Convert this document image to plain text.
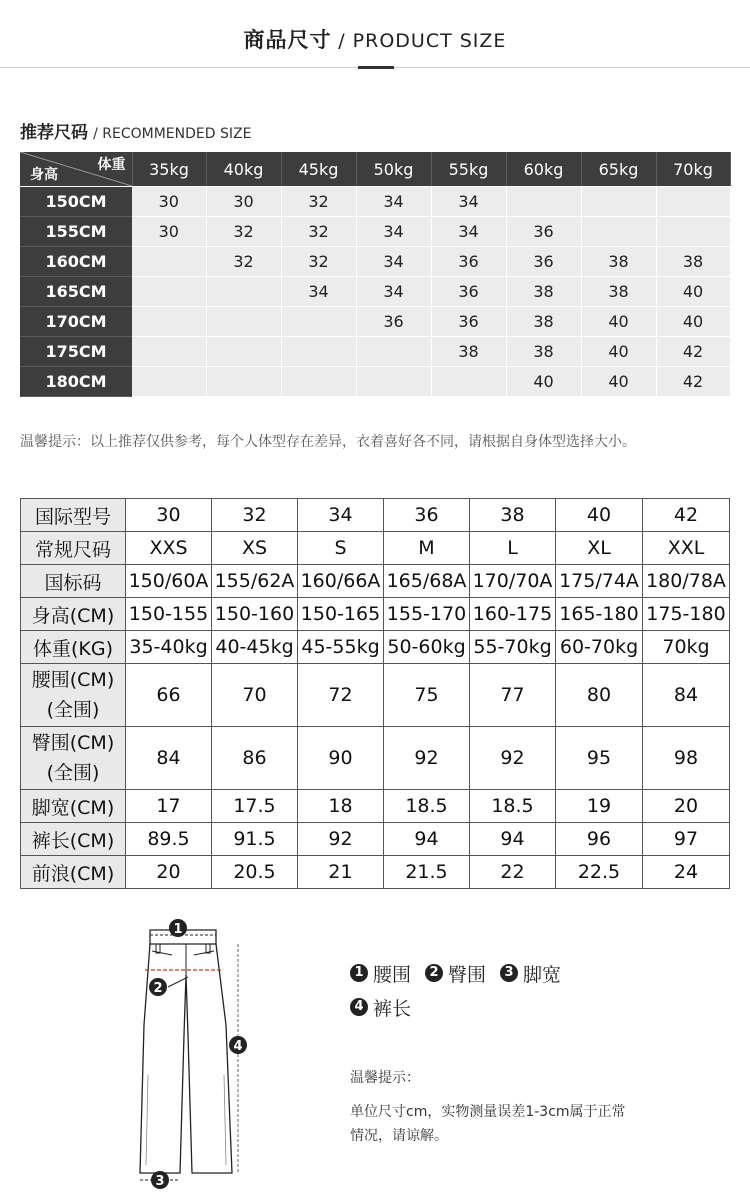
商品尺寸 / PRODUCT SIZE
推荐尺码 / RECOMMENDED SIZE
体重
身高	35kg	40kg	45kg	50kg	55kg	60kg	65kg	70kg
150CM	30	30	32	34	34			
155CM	30	32	32	34	34	36		
160CM		32	32	34	36	36	38	38
165CM			34	34	36	38	38	40
170CM				36	36	38	40	40
175CM					38	38	40	42
180CM						40	40	42
温馨提示：以上推荐仅供参考，每个人体型存在差异，衣着喜好各不同，请根据自身体型选择大小。
国际型号	30	32	34	36	38	40	42

常规尺码	XXS	XS	S	M	L	XL	XXL

国标码	150/60A	155/62A	160/66A	165/68A	170/70A	175/74A	180/78A

身高(CM)	150-155	150-160	150-165	155-170	160-175	165-180	175-180

体重(KG)	35-40kg	40-45kg	45-55kg	50-60kg	55-70kg	60-70kg	70kg

腰围(CM)
(全围)	66	70	72	75	77	80	84

臀围(CM)
(全围)	84	86	90	92	92	95	98

脚宽(CM)	17	17.5	18	18.5	18.5	19	20

裤长(CM)	89.5	91.5	92	94	94	96	97

前浪(CM)	20	20.5	21	21.5	22	22.5	24
1
2
4
3
1 腰围	2 臀围	3 脚宽
4 裤长
温馨提示：
单位尺寸cm，实物测量误差1-3cm属于正常
情况，请谅解。
